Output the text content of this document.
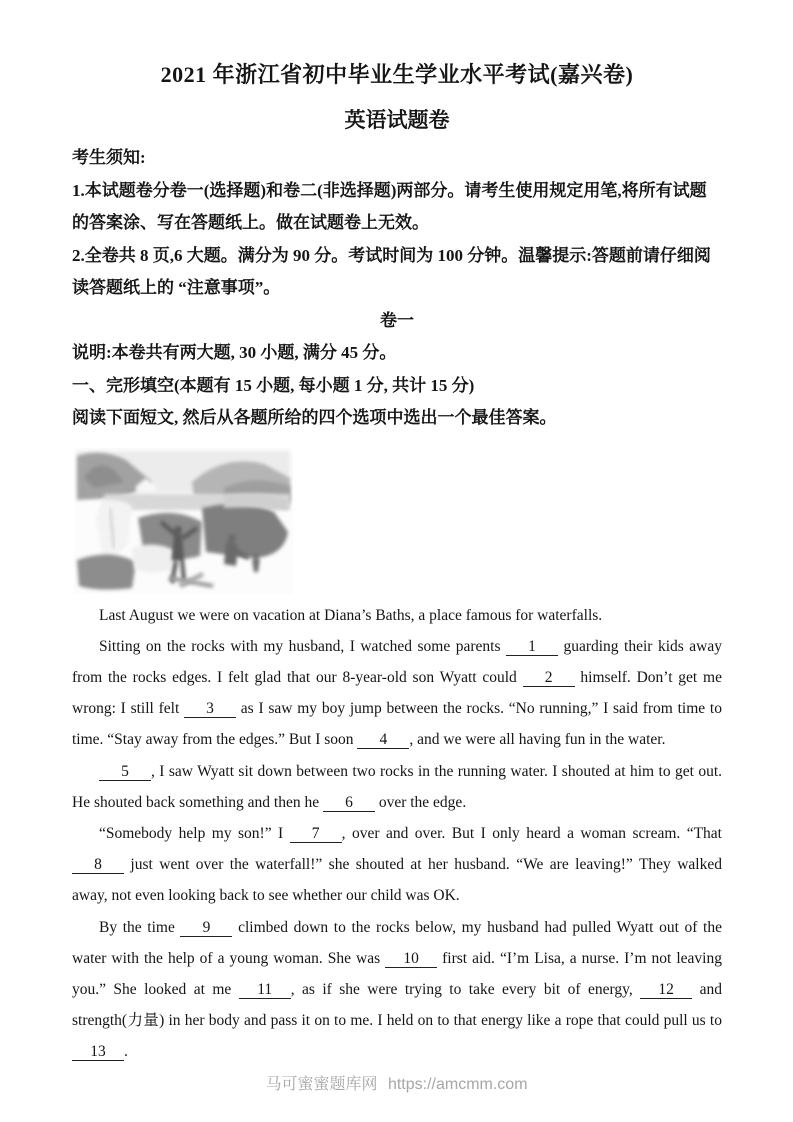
2021 年浙江省初中毕业生学业水平考试(嘉兴卷)
英语试题卷
考生须知:
1.本试题卷分卷一(选择题)和卷二(非选择题)两部分。请考生使用规定用笔,将所有试题的答案涂、写在答题纸上。做在试题卷上无效。
2.全卷共 8 页,6 大题。满分为 90 分。考试时间为 100 分钟。温馨提示:答题前请仔细阅读答题纸上的 “注意事项”。
卷一
说明:本卷共有两大题, 30 小题, 满分 45 分。
一、完形填空(本题有 15 小题, 每小题 1 分, 共计 15 分)
阅读下面短文, 然后从各题所给的四个选项中选出一个最佳答案。

Last August we were on vacation at Diana’s Baths, a place famous for waterfalls.

Sitting on the rocks with my husband, I watched some parents 1 guarding their kids away from the rocks edges. I felt glad that our 8-year-old son Wyatt could 2 himself. Don’t get me wrong: I still felt 3 as I saw my boy jump between the rocks. “No running,” I said from time to time. “Stay away from the edges.” But I soon 4 , and we were all having fun in the water.

5 , I saw Wyatt sit down between two rocks in the running water. I shouted at him to get out. He shouted back something and then he 6 over the edge.

“Somebody help my son!” I 7 , over and over. But I only heard a woman scream. “That 8 just went over the waterfall!” she shouted at her husband. “We are leaving!” They walked away, not even looking back to see whether our child was OK.

By the time 9 climbed down to the rocks below, my husband had pulled Wyatt out of the water with the help of a young woman. She was 10 first aid. “I’m Lisa, a nurse. I’m not leaving you.” She looked at me 11 , as if she were trying to take every bit of energy, 12 and strength(力量) in her body and pass it on to me. I held on to that energy like a rope that could pull us to 13 .

马可蜜蜜题库网 https://amcmm.com
